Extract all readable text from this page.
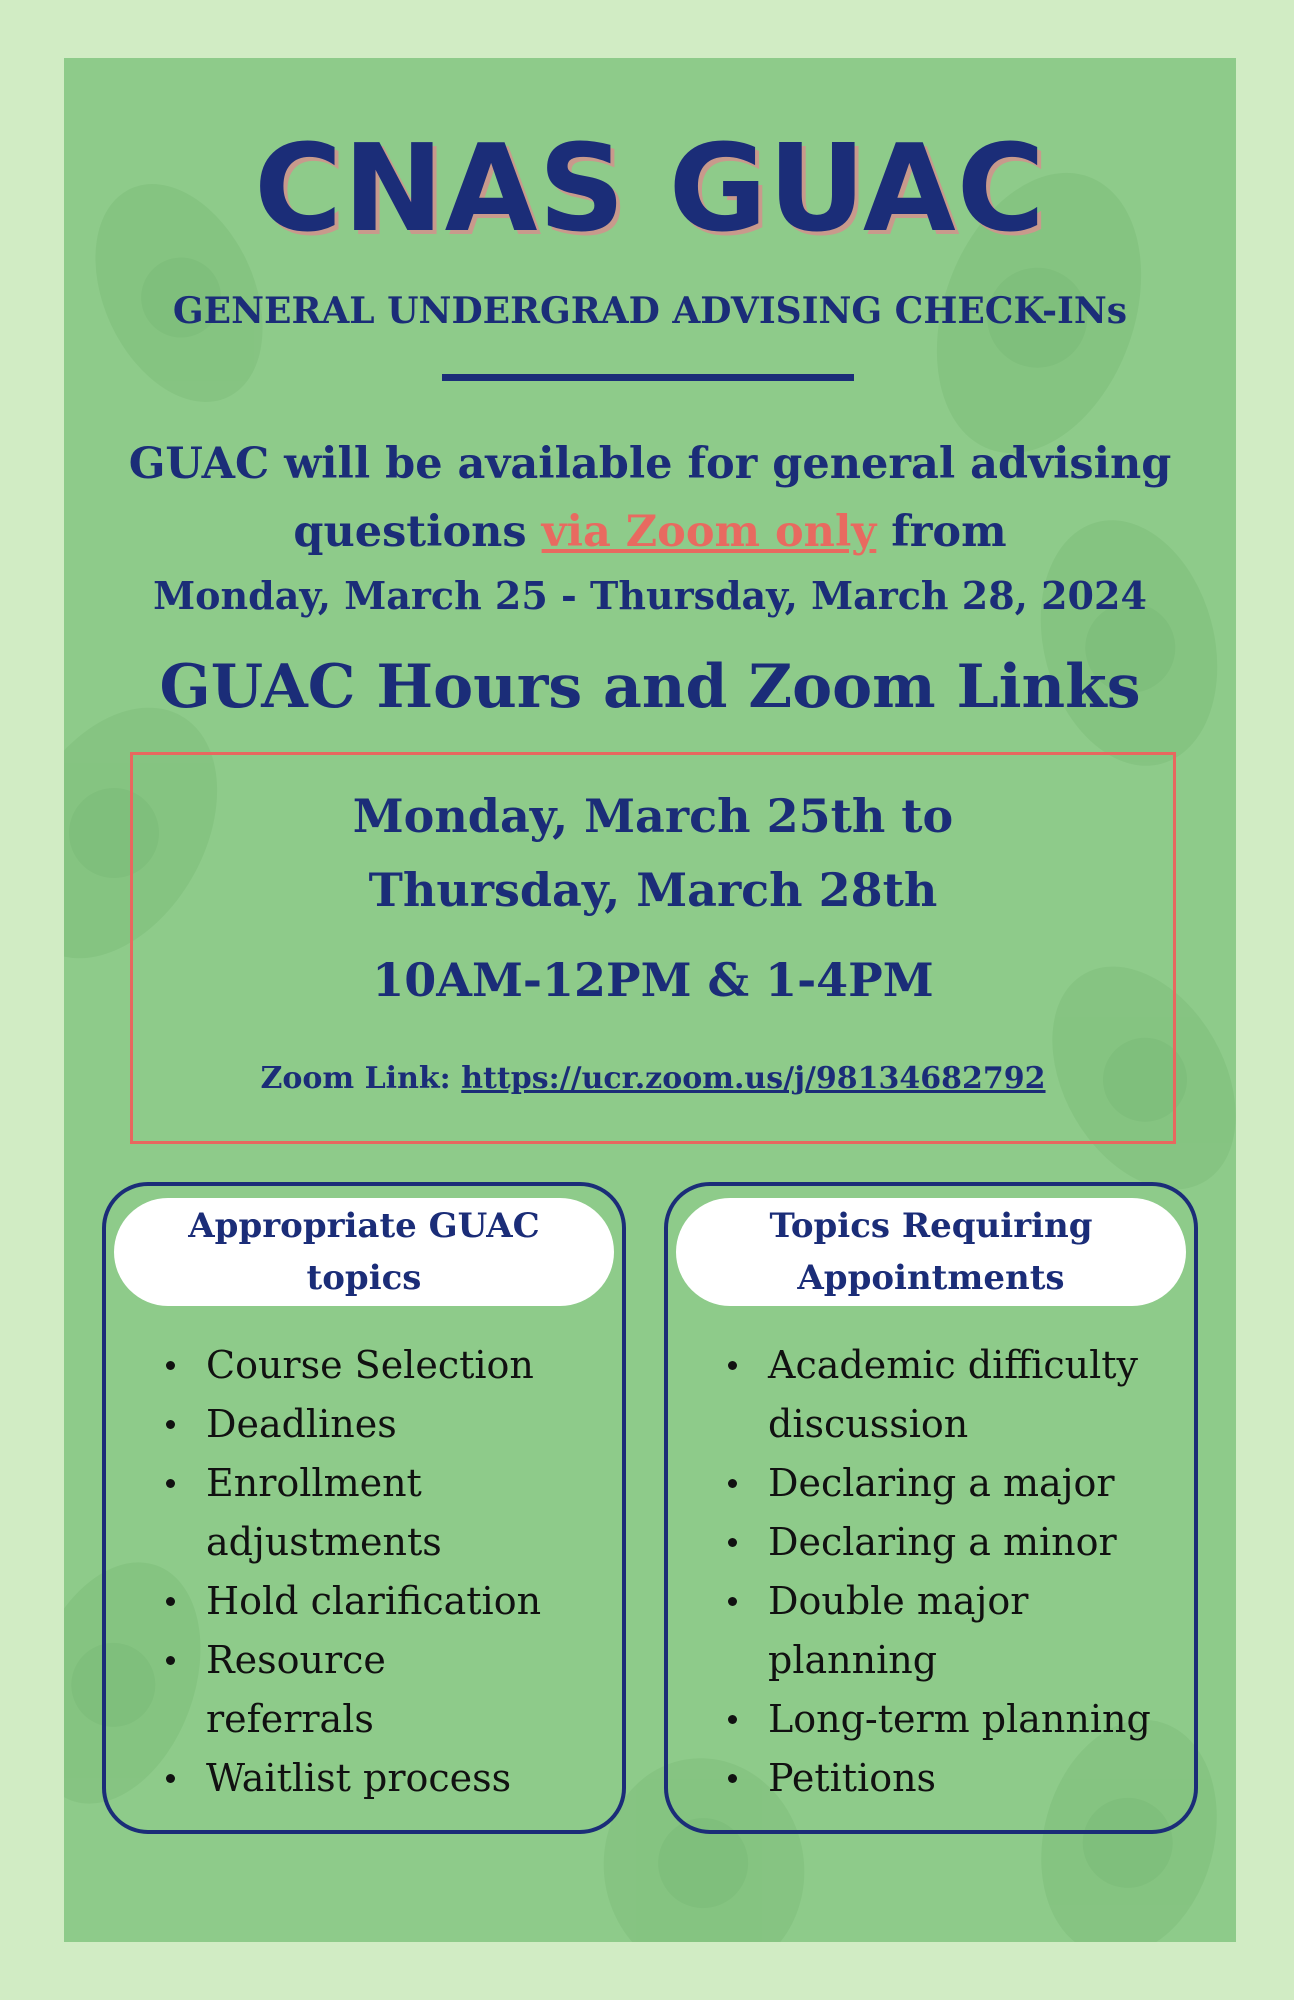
CNAS GUAC
GENERAL UNDERGRAD ADVISING CHECK-INs
GUAC will be available for general advising
questions via Zoom only from
Monday, March 25 - Thursday, March 28, 2024
GUAC Hours and Zoom Links
Monday, March 25th to
Thursday, March 28th
10AM-12PM & 1-4PM
Zoom Link: https://ucr.zoom.us/j/98134682792
Appropriate GUAC
topics
Course Selection
Deadlines
Enrollment
adjustments
Hold clarification
Resource
referrals
Waitlist process
Topics Requiring
Appointments
Academic difficulty
discussion
Declaring a major
Declaring a minor
Double major
planning
Long-term planning
Petitions
